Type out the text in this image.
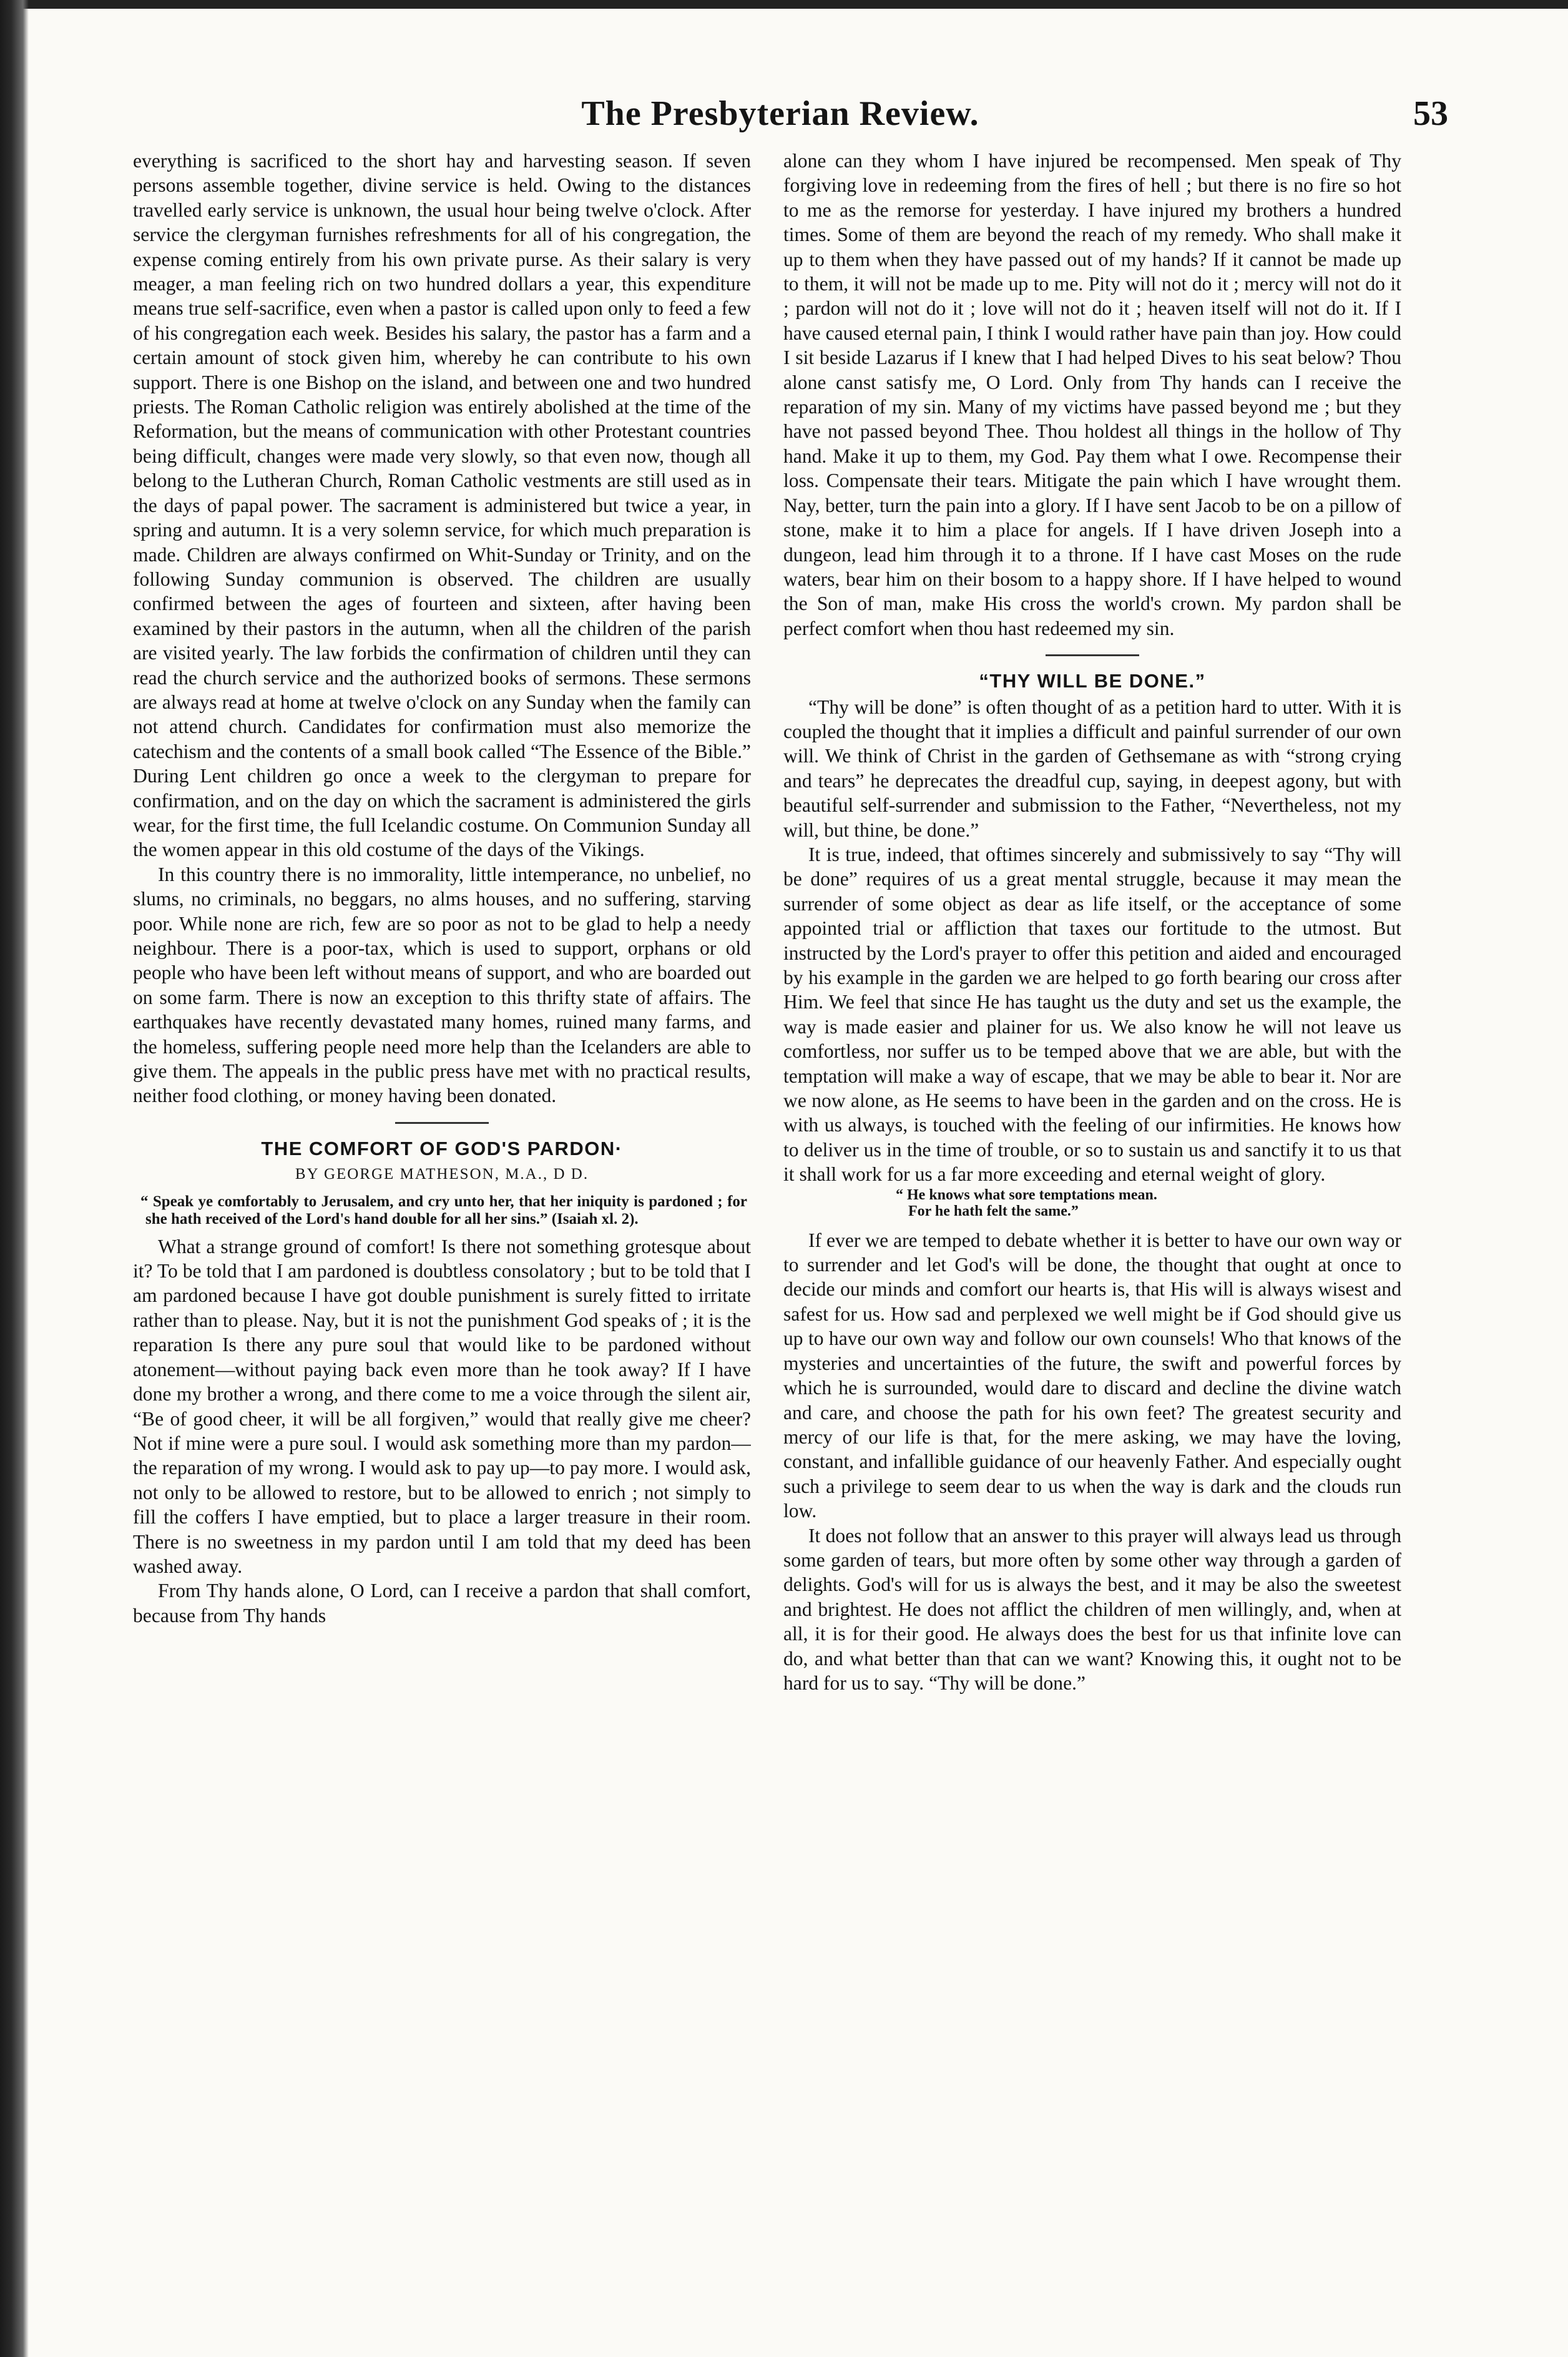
The Presbyterian Review.	53

everything is sacrificed to the short hay and harvesting season. If seven persons assemble together, divine service is held. Owing to the distances travelled early service is unknown, the usual hour being twelve o'clock. After service the clergyman furnishes refreshments for all of his congregation, the expense coming entirely from his own private purse. As their salary is very meager, a man feeling rich on two hundred dollars a year, this expenditure means true self-sacrifice, even when a pastor is called upon only to feed a few of his congregation each week. Besides his salary, the pastor has a farm and a certain amount of stock given him, whereby he can contribute to his own support. There is one Bishop on the island, and between one and two hundred priests. The Roman Catholic religion was entirely abolished at the time of the Reformation, but the means of communication with other Protestant countries being difficult, changes were made very slowly, so that even now, though all belong to the Lutheran Church, Roman Catholic vestments are still used as in the days of papal power. The sacrament is administered but twice a year, in spring and autumn. It is a very solemn service, for which much preparation is made. Children are always confirmed on Whit-Sunday or Trinity, and on the following Sunday communion is observed. The children are usually confirmed between the ages of fourteen and sixteen, after having been examined by their pastors in the autumn, when all the children of the parish are visited yearly. The law forbids the confirmation of children until they can read the church service and the authorized books of sermons. These sermons are always read at home at twelve o'clock on any Sunday when the family can not attend church. Candidates for confirmation must also memorize the catechism and the contents of a small book called “The Essence of the Bible.” During Lent children go once a week to the clergyman to prepare for confirmation, and on the day on which the sacrament is administered the girls wear, for the first time, the full Icelandic costume. On Communion Sunday all the women appear in this old costume of the days of the Vikings.

In this country there is no immorality, little intemperance, no unbelief, no slums, no criminals, no beggars, no alms houses, and no suffering, starving poor. While none are rich, few are so poor as not to be glad to help a needy neighbour. There is a poor-tax, which is used to support, orphans or old people who have been left without means of support, and who are boarded out on some farm. There is now an exception to this thrifty state of affairs. The earthquakes have recently devastated many homes, ruined many farms, and the homeless, suffering people need more help than the Icelanders are able to give them. The appeals in the public press have met with no practical results, neither food clothing, or money having been donated.

THE COMFORT OF GOD'S PARDON·
BY GEORGE MATHESON, M.A., D D.
“ Speak ye comfortably to Jerusalem, and cry unto her, that her iniquity is pardoned ; for she hath received of the Lord's hand double for all her sins.” (Isaiah xl. 2).

What a strange ground of comfort! Is there not something grotesque about it? To be told that I am pardoned is doubtless consolatory ; but to be told that I am pardoned because I have got double punishment is surely fitted to irritate rather than to please. Nay, but it is not the punishment God speaks of ; it is the reparation Is there any pure soul that would like to be pardoned without atonement—without paying back even more than he took away? If I have done my brother a wrong, and there come to me a voice through the silent air, “Be of good cheer, it will be all forgiven,” would that really give me cheer? Not if mine were a pure soul. I would ask something more than my pardon—the reparation of my wrong. I would ask to pay up—to pay more. I would ask, not only to be allowed to restore, but to be allowed to enrich ; not simply to fill the coffers I have emptied, but to place a larger treasure in their room. There is no sweetness in my pardon until I am told that my deed has been washed away.

From Thy hands alone, O Lord, can I receive a pardon that shall comfort, because from Thy hands

alone can they whom I have injured be recompensed. Men speak of Thy forgiving love in redeeming from the fires of hell ; but there is no fire so hot to me as the remorse for yesterday. I have injured my brothers a hundred times. Some of them are beyond the reach of my remedy. Who shall make it up to them when they have passed out of my hands? If it cannot be made up to them, it will not be made up to me. Pity will not do it ; mercy will not do it ; pardon will not do it ; love will not do it ; heaven itself will not do it. If I have caused eternal pain, I think I would rather have pain than joy. How could I sit beside Lazarus if I knew that I had helped Dives to his seat below? Thou alone canst satisfy me, O Lord. Only from Thy hands can I receive the reparation of my sin. Many of my victims have passed beyond me ; but they have not passed beyond Thee. Thou holdest all things in the hollow of Thy hand. Make it up to them, my God. Pay them what I owe. Recompense their loss. Compensate their tears. Mitigate the pain which I have wrought them. Nay, better, turn the pain into a glory. If I have sent Jacob to be on a pillow of stone, make it to him a place for angels. If I have driven Joseph into a dungeon, lead him through it to a throne. If I have cast Moses on the rude waters, bear him on their bosom to a happy shore. If I have helped to wound the Son of man, make His cross the world's crown. My pardon shall be perfect comfort when thou hast redeemed my sin.

“THY WILL BE DONE.”

“Thy will be done” is often thought of as a petition hard to utter. With it is coupled the thought that it implies a difficult and painful surrender of our own will. We think of Christ in the garden of Gethsemane as with “strong crying and tears” he deprecates the dreadful cup, saying, in deepest agony, but with beautiful self-surrender and submission to the Father, “Nevertheless, not my will, but thine, be done.”

It is true, indeed, that oftimes sincerely and submissively to say “Thy will be done” requires of us a great mental struggle, because it may mean the surrender of some object as dear as life itself, or the acceptance of some appointed trial or affliction that taxes our fortitude to the utmost. But instructed by the Lord's prayer to offer this petition and aided and encouraged by his example in the garden we are helped to go forth bearing our cross after Him. We feel that since He has taught us the duty and set us the example, the way is made easier and plainer for us. We also know he will not leave us comfortless, nor suffer us to be temped above that we are able, but with the temptation will make a way of escape, that we may be able to bear it. Nor are we now alone, as He seems to have been in the garden and on the cross. He is with us always, is touched with the feeling of our infirmities. He knows how to deliver us in the time of trouble, or so to sustain us and sanctify it to us that it shall work for us a far more exceeding and eternal weight of glory.

“ He knows what sore temptations mean.
For he hath felt the same.”

If ever we are temped to debate whether it is better to have our own way or to surrender and let God's will be done, the thought that ought at once to decide our minds and comfort our hearts is, that His will is always wisest and safest for us. How sad and perplexed we well might be if God should give us up to have our own way and follow our own counsels! Who that knows of the mysteries and uncertainties of the future, the swift and powerful forces by which he is surrounded, would dare to discard and decline the divine watch and care, and choose the path for his own feet? The greatest security and mercy of our life is that, for the mere asking, we may have the loving, constant, and infallible guidance of our heavenly Father. And especially ought such a privilege to seem dear to us when the way is dark and the clouds run low.

It does not follow that an answer to this prayer will always lead us through some garden of tears, but more often by some other way through a garden of delights. God's will for us is always the best, and it may be also the sweetest and brightest. He does not afflict the children of men willingly, and, when at all, it is for their good. He always does the best for us that infinite love can do, and what better than that can we want? Knowing this, it ought not to be hard for us to say. “Thy will be done.”
